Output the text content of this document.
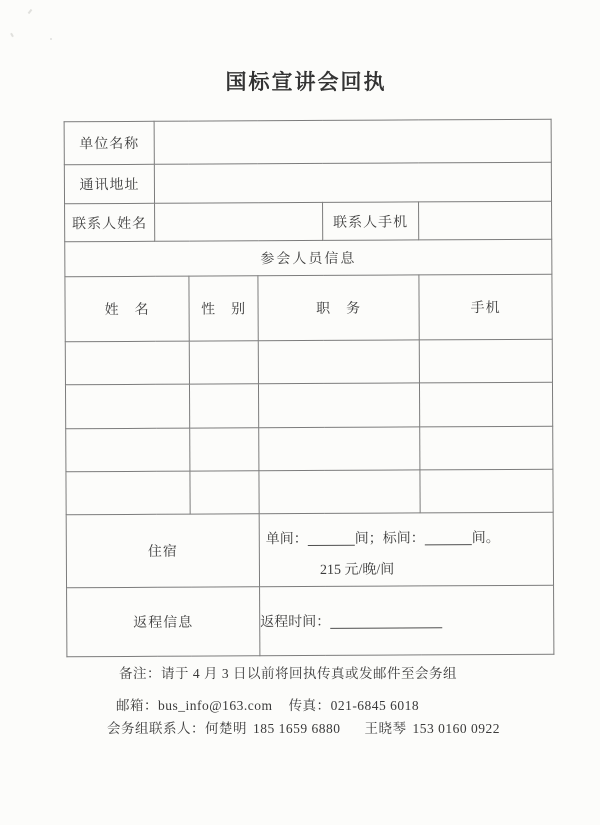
国标宣讲会回执
单位名称					
通讯地址					
联系人姓名				联系人手机	
参会人员信息					
姓　名		性　别	职　务		手机

住宿			单间： 间；标间： 间。
215 元/晚/间		

返程信息			返程时间：		
备注：请于 4 月 3 日以前将回执传真或发邮件至会务组
邮箱：bus_info@163.com 传真：021-6845 6018
会务组联系人：何楚明 185 1659 6880 王晓琴 153 0160 0922
